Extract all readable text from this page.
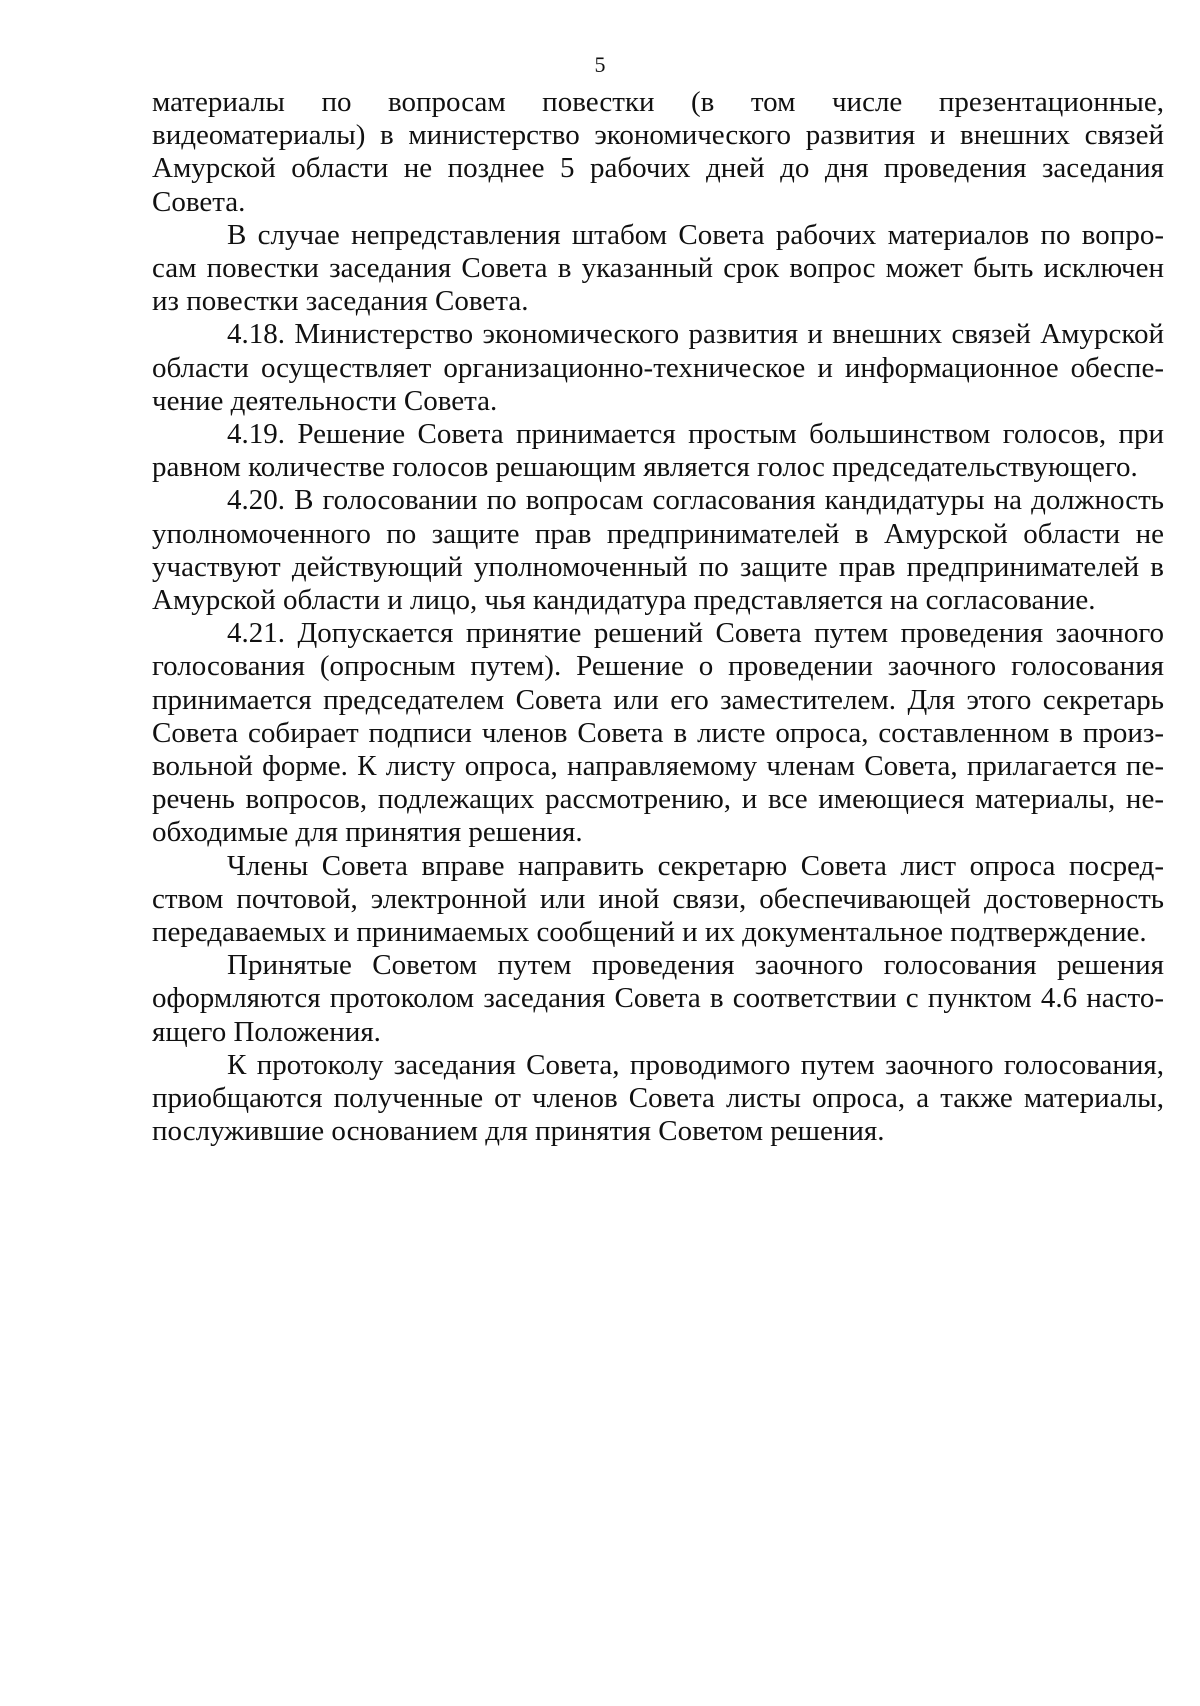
5

материалы по вопросам повестки (в том числе презентационные, видеоматериалы) в министерство экономического развития и внешних связей Амурской области не позднее 5 рабочих дней до дня проведения заседания Совета.

В случае непредставления штабом Совета рабочих материалов по вопросам повестки заседания Совета в указанный срок вопрос может быть исключен из повестки заседания Совета.

4.18. Министерство экономического развития и внешних связей Амурской области осуществляет организационно-техническое и информационное обеспечение деятельности Совета.

4.19. Решение Совета принимается простым большинством голосов, при равном количестве голосов решающим является голос председательствующего.

4.20. В голосовании по вопросам согласования кандидатуры на должность уполномоченного по защите прав предпринимателей в Амурской области не участвуют действующий уполномоченный по защите прав предпринимателей в Амурской области и лицо, чья кандидатура представляется на согласование.

4.21. Допускается принятие решений Совета путем проведения заочного голосования (опросным путем). Решение о проведении заочного голосования принимается председателем Совета или его заместителем. Для этого секретарь Совета собирает подписи членов Совета в листе опроса, составленном в произвольной форме. К листу опроса, направляемому членам Совета, прилагается перечень вопросов, подлежащих рассмотрению, и все имеющиеся материалы, необходимые для принятия решения.

Члены Совета вправе направить секретарю Совета лист опроса посредством почтовой, электронной или иной связи, обеспечивающей достоверность передаваемых и принимаемых сообщений и их документальное подтверждение.

Принятые Советом путем проведения заочного голосования решения оформляются протоколом заседания Совета в соответствии с пунктом 4.6 настоящего Положения.

К протоколу заседания Совета, проводимого путем заочного голосования, приобщаются полученные от членов Совета листы опроса, а также материалы, послужившие основанием для принятия Советом решения.
